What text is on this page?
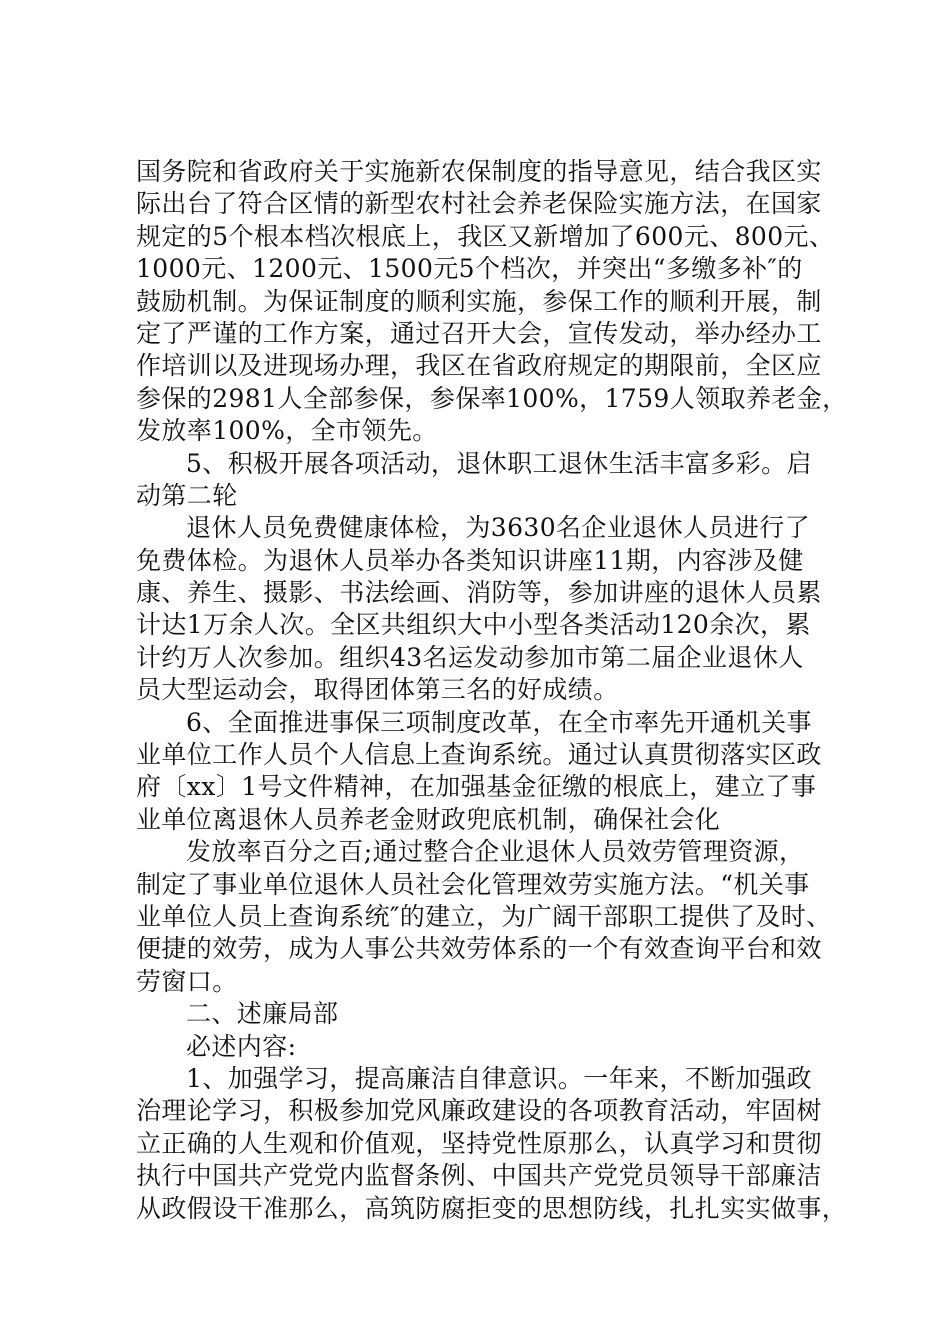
国务院和省政府关于实施新农保制度的指导意见，结合我区实
际出台了符合区情的新型农村社会养老保险实施方法，在国家
规定的5个根本档次根底上，我区又新增加了600元、800元、
1000元、1200元、1500元5个档次，并突出“多缴多补″的
鼓励机制。为保证制度的顺利实施，参保工作的顺利开展，制
定了严谨的工作方案，通过召开大会，宣传发动，举办经办工
作培训以及进现场办理，我区在省政府规定的期限前，全区应
参保的2981人全部参保，参保率100%，1759人领取养老金，
发放率100%，全市领先。
5、积极开展各项活动，退休职工退休生活丰富多彩。启
动第二轮
退休人员免费健康体检，为3630名企业退休人员进行了
免费体检。为退休人员举办各类知识讲座11期，内容涉及健
康、养生、摄影、书法绘画、消防等，参加讲座的退休人员累
计达1万余人次。全区共组织大中小型各类活动120余次，累
计约万人次参加。组织43名运发动参加市第二届企业退休人
员大型运动会，取得团体第三名的好成绩。
6、全面推进事保三项制度改革，在全市率先开通机关事
业单位工作人员个人信息上查询系统。通过认真贯彻落实区政
府〔xx〕1号文件精神，在加强基金征缴的根底上，建立了事
业单位离退休人员养老金财政兜底机制，确保社会化
发放率百分之百;通过整合企业退休人员效劳管理资源，
制定了事业单位退休人员社会化管理效劳实施方法。“机关事
业单位人员上查询系统″的建立，为广阔干部职工提供了及时、
便捷的效劳，成为人事公共效劳体系的一个有效查询平台和效
劳窗口。
二、述廉局部
必述内容:
1、加强学习，提高廉洁自律意识。一年来，不断加强政
治理论学习，积极参加党风廉政建设的各项教育活动，牢固树
立正确的人生观和价值观，坚持党性原那么，认真学习和贯彻
执行中国共产党党内监督条例、中国共产党党员领导干部廉洁
从政假设干准那么，高筑防腐拒变的思想防线，扎扎实实做事，
